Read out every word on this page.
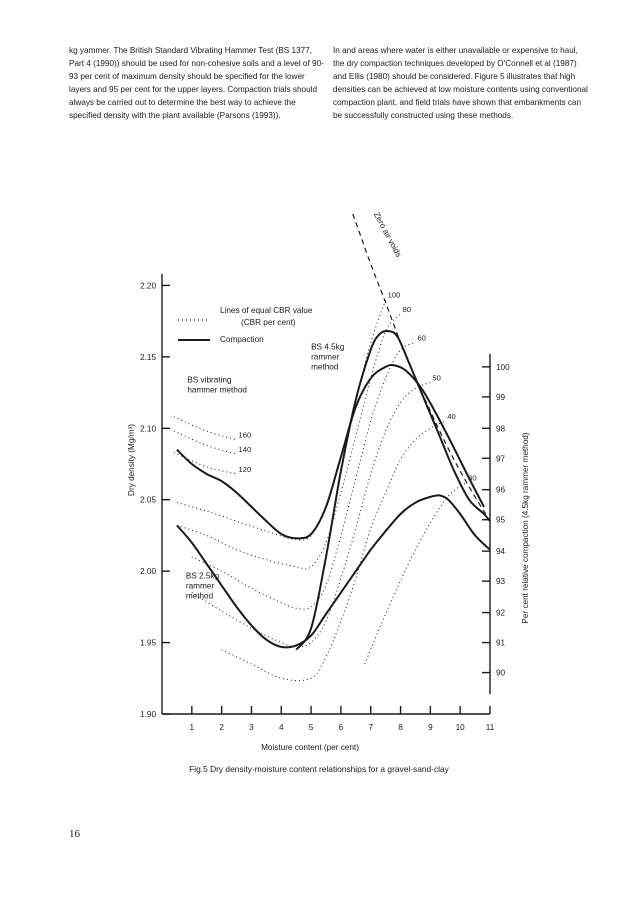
kg yammer. The British Standard Vibrating Hammer Test (BS 1377, Part 4 (1990)) should be used for non-cohesive soils and a level of 90-93 per cent of maximum density should be specified for the lower layers and 95 per cent for the upper layers. Compaction trials should always be carried out to determine the best way to achieve the specified density with the plant available (Parsons (1993)).

In and areas where water is either unavailable or expensive to haul, the dry compaction techniques developed by O'Connell et al (1987) and Ellis (1980) should be considered. Figure 5 illustrates that high densities can be achieved at low moisture contents using conventional compaction plant, and field trials have shown that embankments can be successfully constructed using these methods.

1.90
1.95
2.00
2.05
2.10
2.15
2.20
1	2	3	4	5	6	7	8	9	10	11
100
99
98
97
96
95
94
93
92
91
90
160
140
120
100
80
60
50
40
30
BS 4.5kg
rammer
method
BS vibrating
hammer method
BS 2.5kg
rammer
method
Zero air voids
Moisture content (per cent)
Dry density (Mg/m³)	Per cent relative compaction (4.5kg rammer method)
Lines of equal CBR value
(CBR per cent)
Compaction
Fig.5 Dry density-moisture content relationships for a gravel-sand-clay
16
